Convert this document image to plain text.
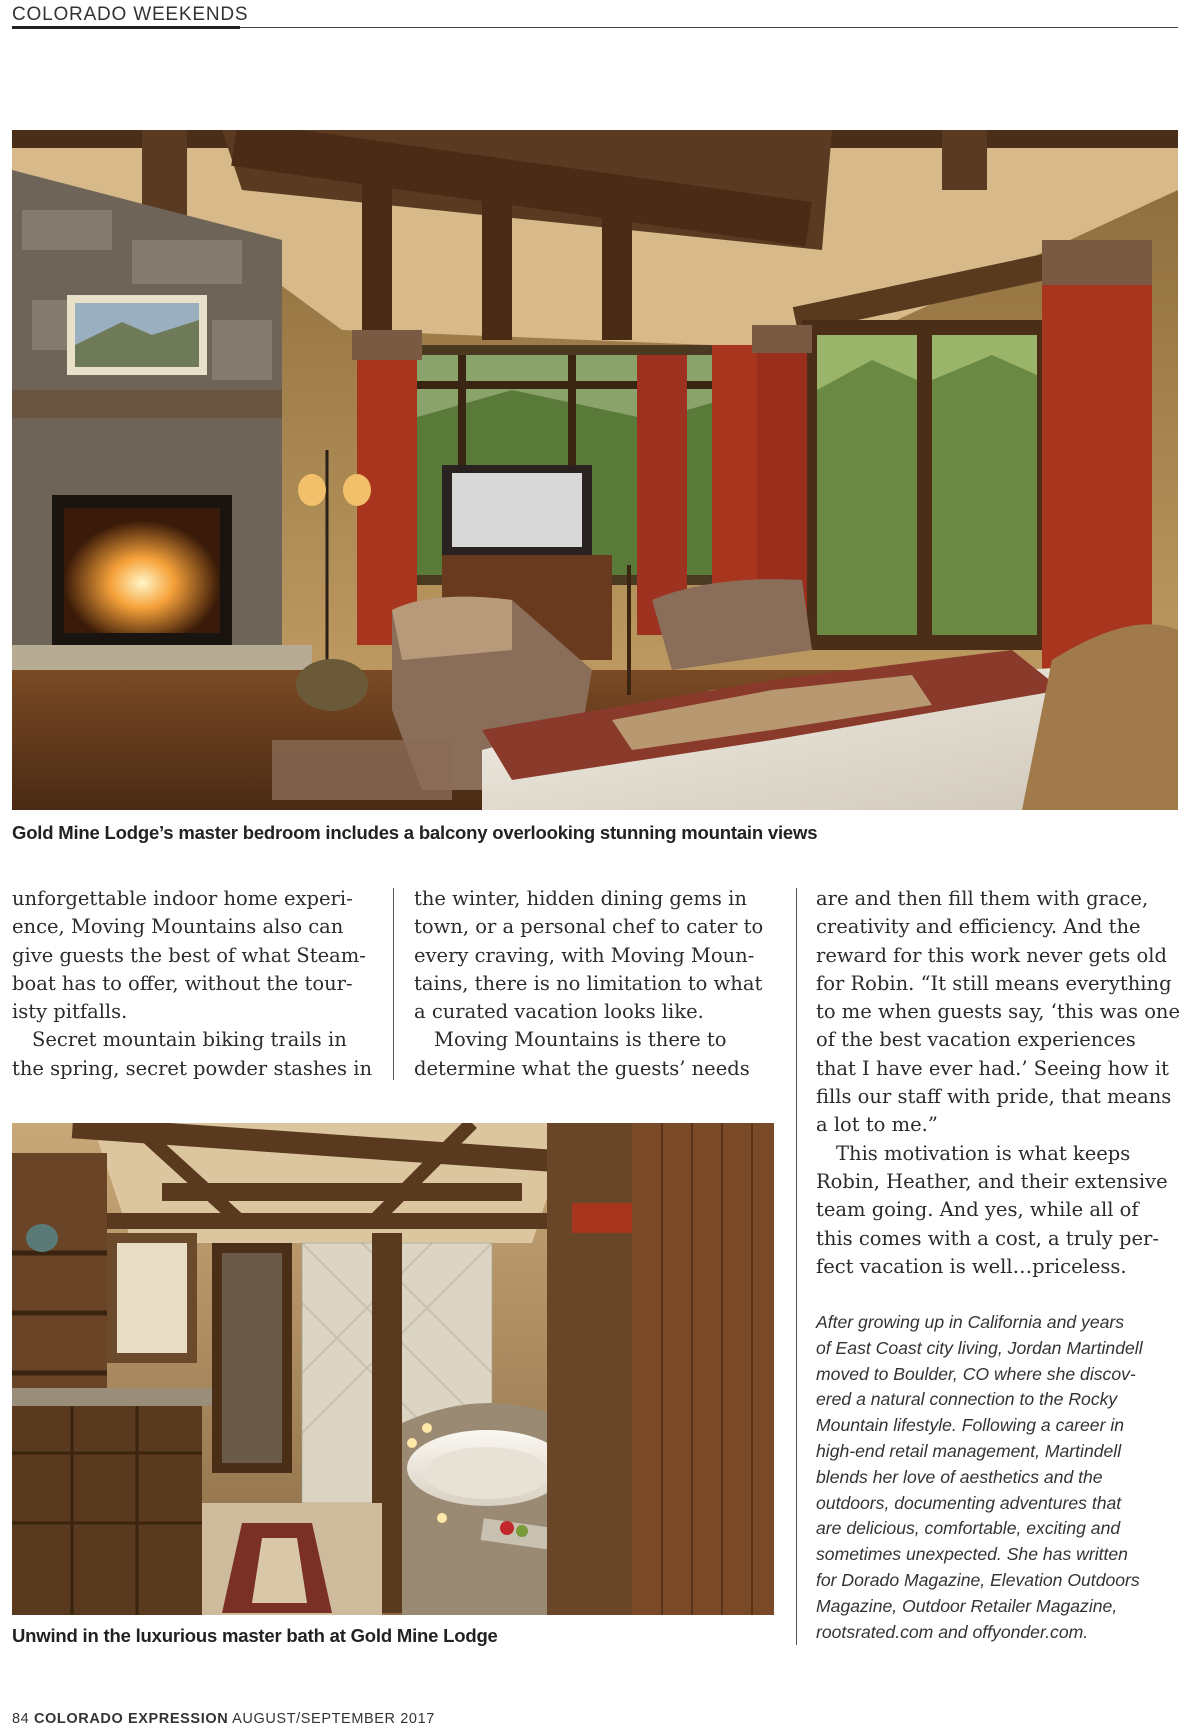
COLORADO WEEKENDS
Gold Mine Lodge’s master bedroom includes a balcony overlooking stunning mountain views

unforgettable indoor home experi-

ence, Moving Mountains also can

give guests the best of what Steam-

boat has to offer, without the tour-

isty pitfalls.

Secret mountain biking trails in

the spring, secret powder stashes in

the winter, hidden dining gems in

town, or a personal chef to cater to

every craving, with Moving Moun-

tains, there is no limitation to what

a curated vacation looks like.

Moving Mountains is there to

determine what the guests’ needs

are and then fill them with grace,

creativity and efficiency. And the

reward for this work never gets old

for Robin. “It still means everything

to me when guests say, ‘this was one

of the best vacation experiences

that I have ever had.’ Seeing how it

fills our staff with pride, that means

a lot to me.”

This motivation is what keeps

Robin, Heather, and their extensive

team going. And yes, while all of

this comes with a cost, a truly per-

fect vacation is well…priceless.

Unwind in the luxurious master bath at Gold Mine Lodge

After growing up in California and years

of East Coast city living, Jordan Martindell

moved to Boulder, CO where she discov-

ered a natural connection to the Rocky

Mountain lifestyle. Following a career in

high-end retail management, Martindell

blends her love of aesthetics and the

outdoors, documenting adventures that

are delicious, comfortable, exciting and

sometimes unexpected. She has written

for Dorado Magazine, Elevation Outdoors

Magazine, Outdoor Retailer Magazine,

rootsrated.com and offyonder.com.

84 COLORADO EXPRESSION AUGUST/SEPTEMBER 2017
